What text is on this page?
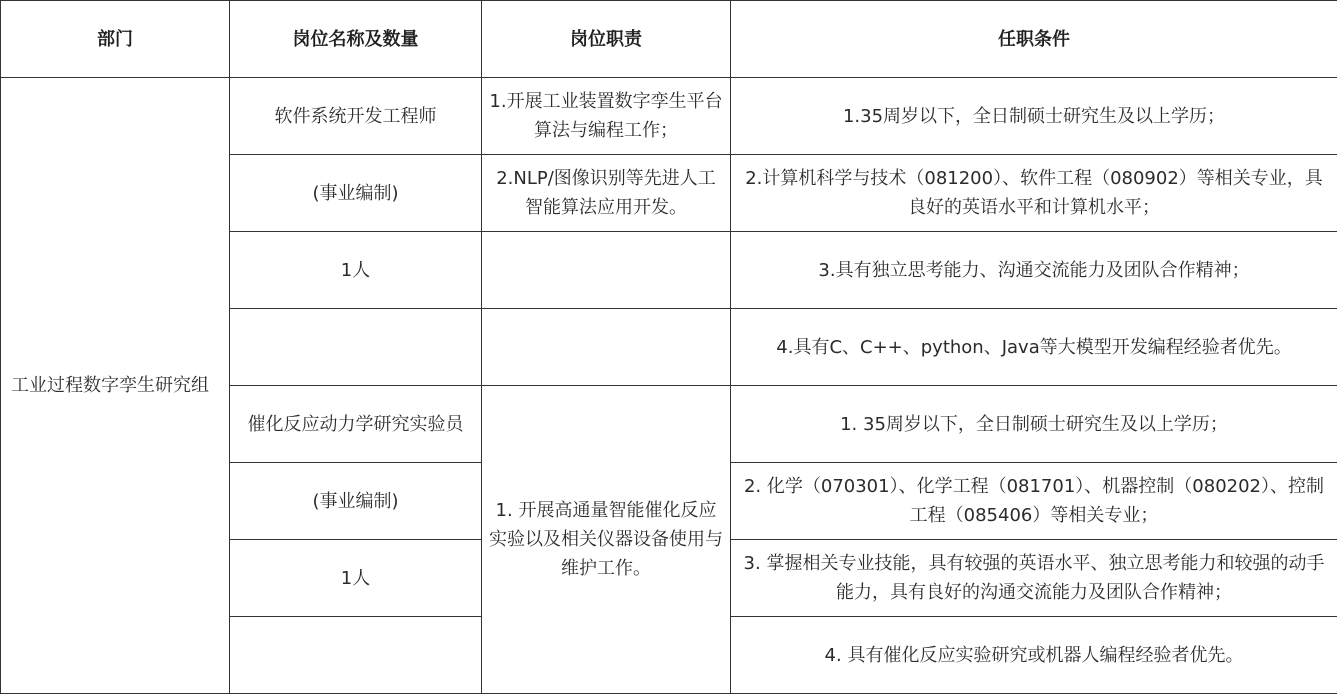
部门	岗位名称及数量	岗位职责	任职条件
工业过程数字孪生研究组	软件系统开发工程师	1.开展工业装置数字孪生平台算法与编程工作；	1.35周岁以下，全日制硕士研究生及以上学历；
	(事业编制)	2.NLP/图像识别等先进人工智能算法应用开发。	2.计算机科学与技术（081200）、软件工程（080902）等相关专业，具良好的英语水平和计算机水平；
	1人		3.具有独立思考能力、沟通交流能力及团队合作精神；
			4.具有C、C++、python、Java等大模型开发编程经验者优先。
	催化反应动力学研究实验员	1. 开展高通量智能催化反应实验以及相关仪器设备使用与维护工作。	1. 35周岁以下，全日制硕士研究生及以上学历；
	(事业编制)		2. 化学（070301）、化学工程（081701）、机器控制（080202）、控制工程（085406）等相关专业；
	1人		3. 掌握相关专业技能，具有较强的英语水平、独立思考能力和较强的动手能力，具有良好的沟通交流能力及团队合作精神；
			4. 具有催化反应实验研究或机器人编程经验者优先。
